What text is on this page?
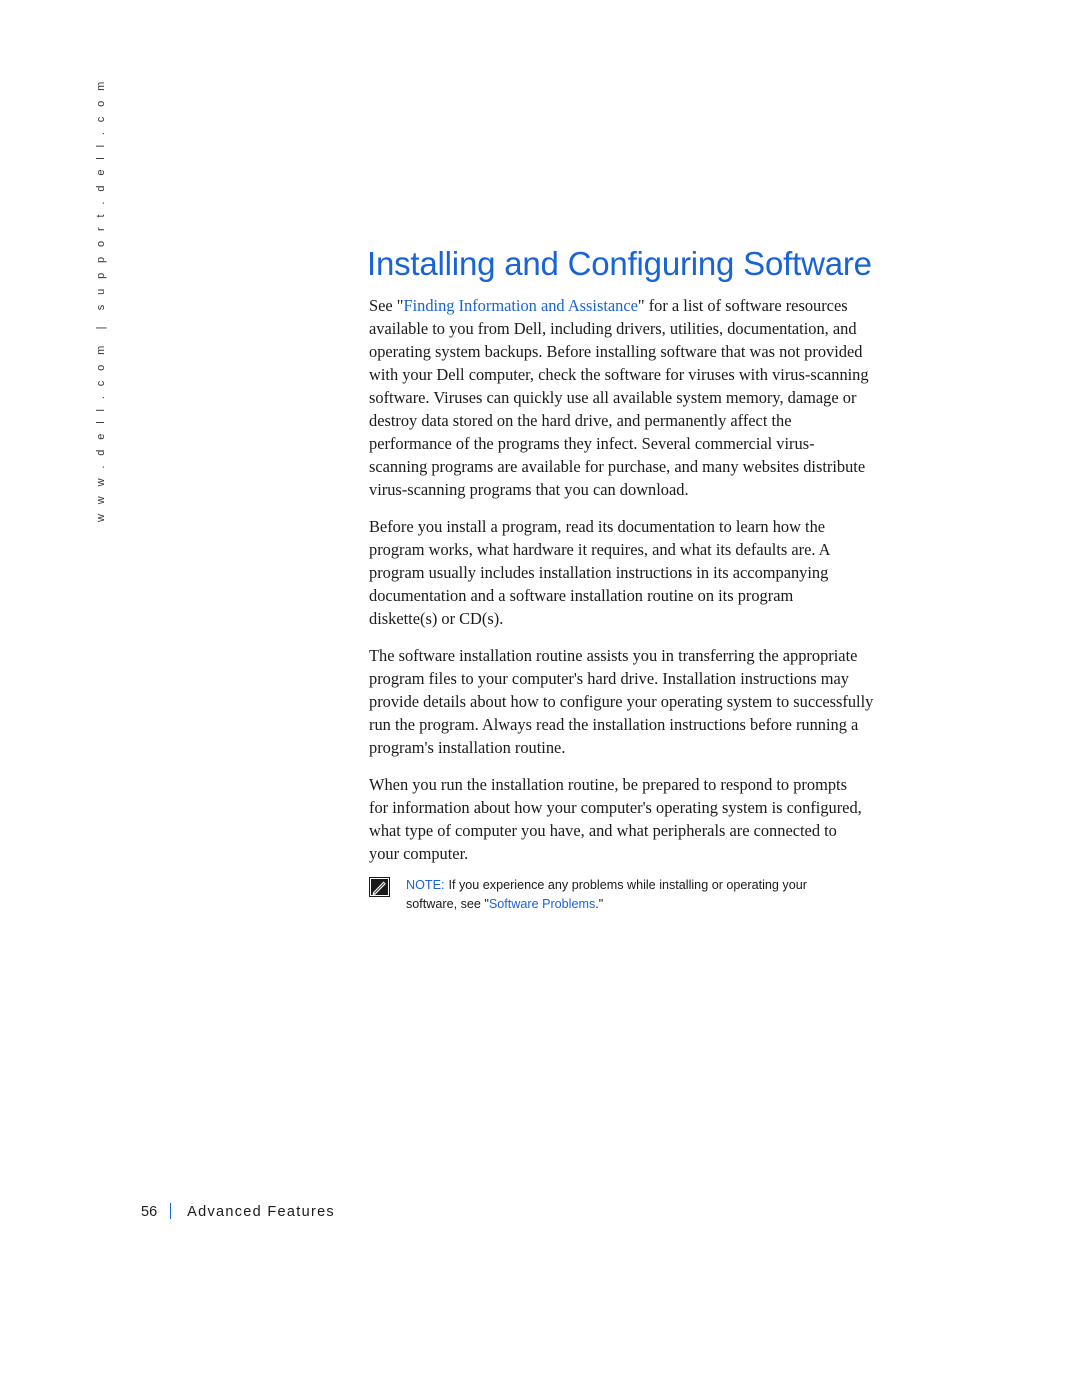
w w w . d e l l . c o m  |  s u p p o r t . d e l l . c o m	Installing and Configuring Software

See "Finding Information and Assistance" for a list of software resources
available to you from Dell, including drivers, utilities, documentation, and
operating system backups. Before installing software that was not provided
with your Dell computer, check the software for viruses with virus-scanning
software. Viruses can quickly use all available system memory, damage or
destroy data stored on the hard drive, and permanently affect the
performance of the programs they infect. Several commercial virus-
scanning programs are available for purchase, and many websites distribute
virus-scanning programs that you can download.

Before you install a program, read its documentation to learn how the
program works, what hardware it requires, and what its defaults are. A
program usually includes installation instructions in its accompanying
documentation and a software installation routine on its program
diskette(s) or CD(s).

The software installation routine assists you in transferring the appropriate
program files to your computer's hard drive. Installation instructions may
provide details about how to configure your operating system to successfully
run the program. Always read the installation instructions before running a
program's installation routine.

When you run the installation routine, be prepared to respond to prompts
for information about how your computer's operating system is configured,
what type of computer you have, and what peripherals are connected to
your computer.

NOTE: If you experience any problems while installing or operating your
software, see "Software Problems."
56 Advanced Features
